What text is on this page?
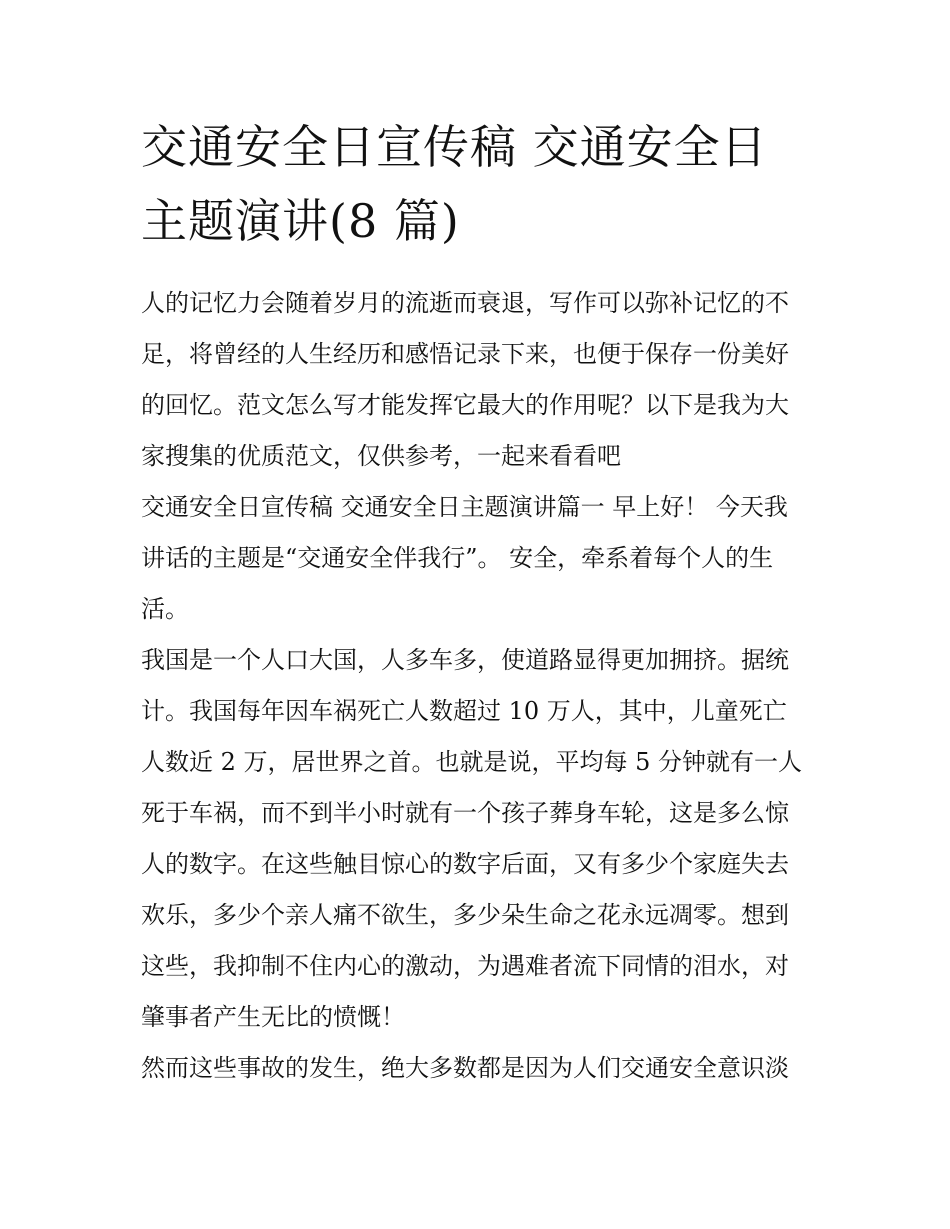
交通安全日宣传稿 交通安全日
主题演讲(8 篇)

人的记忆力会随着岁月的流逝而衰退，写作可以弥补记忆的不
足，将曾经的人生经历和感悟记录下来，也便于保存一份美好
的回忆。范文怎么写才能发挥它最大的作用呢？以下是我为大
家搜集的优质范文，仅供参考，一起来看看吧

交通安全日宣传稿 交通安全日主题演讲篇一 早上好！ 今天我
讲话的主题是“交通安全伴我行”。 安全，牵系着每个人的生
活。

我国是一个人口大国，人多车多，使道路显得更加拥挤。据统
计。我国每年因车祸死亡人数超过 10 万人，其中，儿童死亡
人数近 2 万，居世界之首。也就是说，平均每 5 分钟就有一人
死于车祸，而不到半小时就有一个孩子葬身车轮，这是多么惊
人的数字。在这些触目惊心的数字后面，又有多少个家庭失去
欢乐，多少个亲人痛不欲生，多少朵生命之花永远凋零。想到
这些，我抑制不住内心的激动，为遇难者流下同情的泪水，对
肇事者产生无比的愤慨！

然而这些事故的发生，绝大多数都是因为人们交通安全意识淡
